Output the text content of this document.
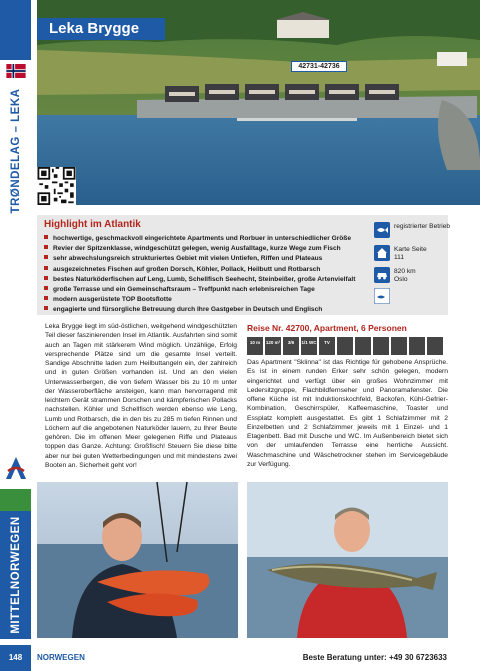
TRØNDELAG – LEKA
MITTELNORWEGEN
Leka Brygge
42731-42736
Highlight im Atlantik
hochwertige, geschmackvoll eingerichtete Apartments und Rorbuer in unterschiedlicher Größe
Revier der Spitzenklasse, windgeschützt gelegen, wenig Ausfalltage, kurze Wege zum Fisch
sehr abwechslungsreich strukturiertes Gebiet mit vielen Untiefen, Riffen und Plateaus
ausgezeichnetes Fischen auf großen Dorsch, Köhler, Pollack, Heilbutt und Rotbarsch
bestes Naturköderfischen auf Leng, Lumb, Schellfisch Seehecht, Steinbeißer, große Artenvielfalt
große Terrasse und ein Gemeinschaftsraum – Treffpunkt nach erlebnisreichen Tage
modern ausgerüstete TOP Bootsflotte
engagierte und fürsorgliche Betreuung durch Ihre Gastgeber in Deutsch und Englisch
registrierter Betrieb
Karte Seite 111
820 km Oslo
Leka Brygge liegt im süd-östlichen, weitgehend windgeschützten Teil dieser faszinierenden Insel im Atlantik. Ausfahrten sind somit auch an Tagen mit stärkerem Wind möglich. Unzählige, Erfolg versprechende Plätze sind um die gesamte Insel verteilt. Sandige Abschnitte laden zum Heilbuttangeln ein, der zahlreich und in guten Größen vorhanden ist. Und an den vielen Unterwasserbergen, die von tiefem Wasser bis zu 10 m unter der Wasseroberfläche ansteigen, kann man hervorragend mit leichtem Gerät strammen Dorschen und kämpferischen Pollacks nachstellen. Köhler und Schellfisch werden ebenso wie Leng, Lumb und Rotbarsch, die in den bis zu 285 m tiefen Rinnen und Löchern auf die angebotenen Naturköder lauern, zu Ihrer Beute gehören. Die im offenen Meer gelegenen Riffe und Plateaus toppen das Ganze. Achtung: Großfisch! Steuern Sie diese bitte aber nur bei guten Wetterbedingungen und mit mindestens zwei Booten an. Sicherheit geht vor!
Reise Nr. 42700, Apartment, 6 Personen
10 m	120 m²	3/6	1/1 WC	TV
Das Apartment "Sklinna" ist das Richtige für gehobene Ansprüche. Es ist in einem runden Erker sehr schön gelegen, modern eingerichtet und verfügt über ein großes Wohnzimmer mit Ledersitzgruppe, Flachbildfernseher und Panoramafenster. Die offene Küche ist mit Induktionskochfeld, Backofen, Kühl-Gefrier-Kombination, Geschirrspüler, Kaffeemaschine, Toaster und Essplatz komplett ausgestattet. Es gibt 1 Schlafzimmer mit 2 Einzelbetten und 2 Schlafzimmer jeweils mit 1 Einzel- und 1 Etagenbett. Bad mit Dusche und WC. Im Außenbereich bietet sich von der umlaufenden Terrasse eine herrliche Aussicht. Waschmaschine und Wäschetrockner stehen im Servicegebäude zur Verfügung.
148	NORWEGEN	Beste Beratung unter: +49 30 6723633
